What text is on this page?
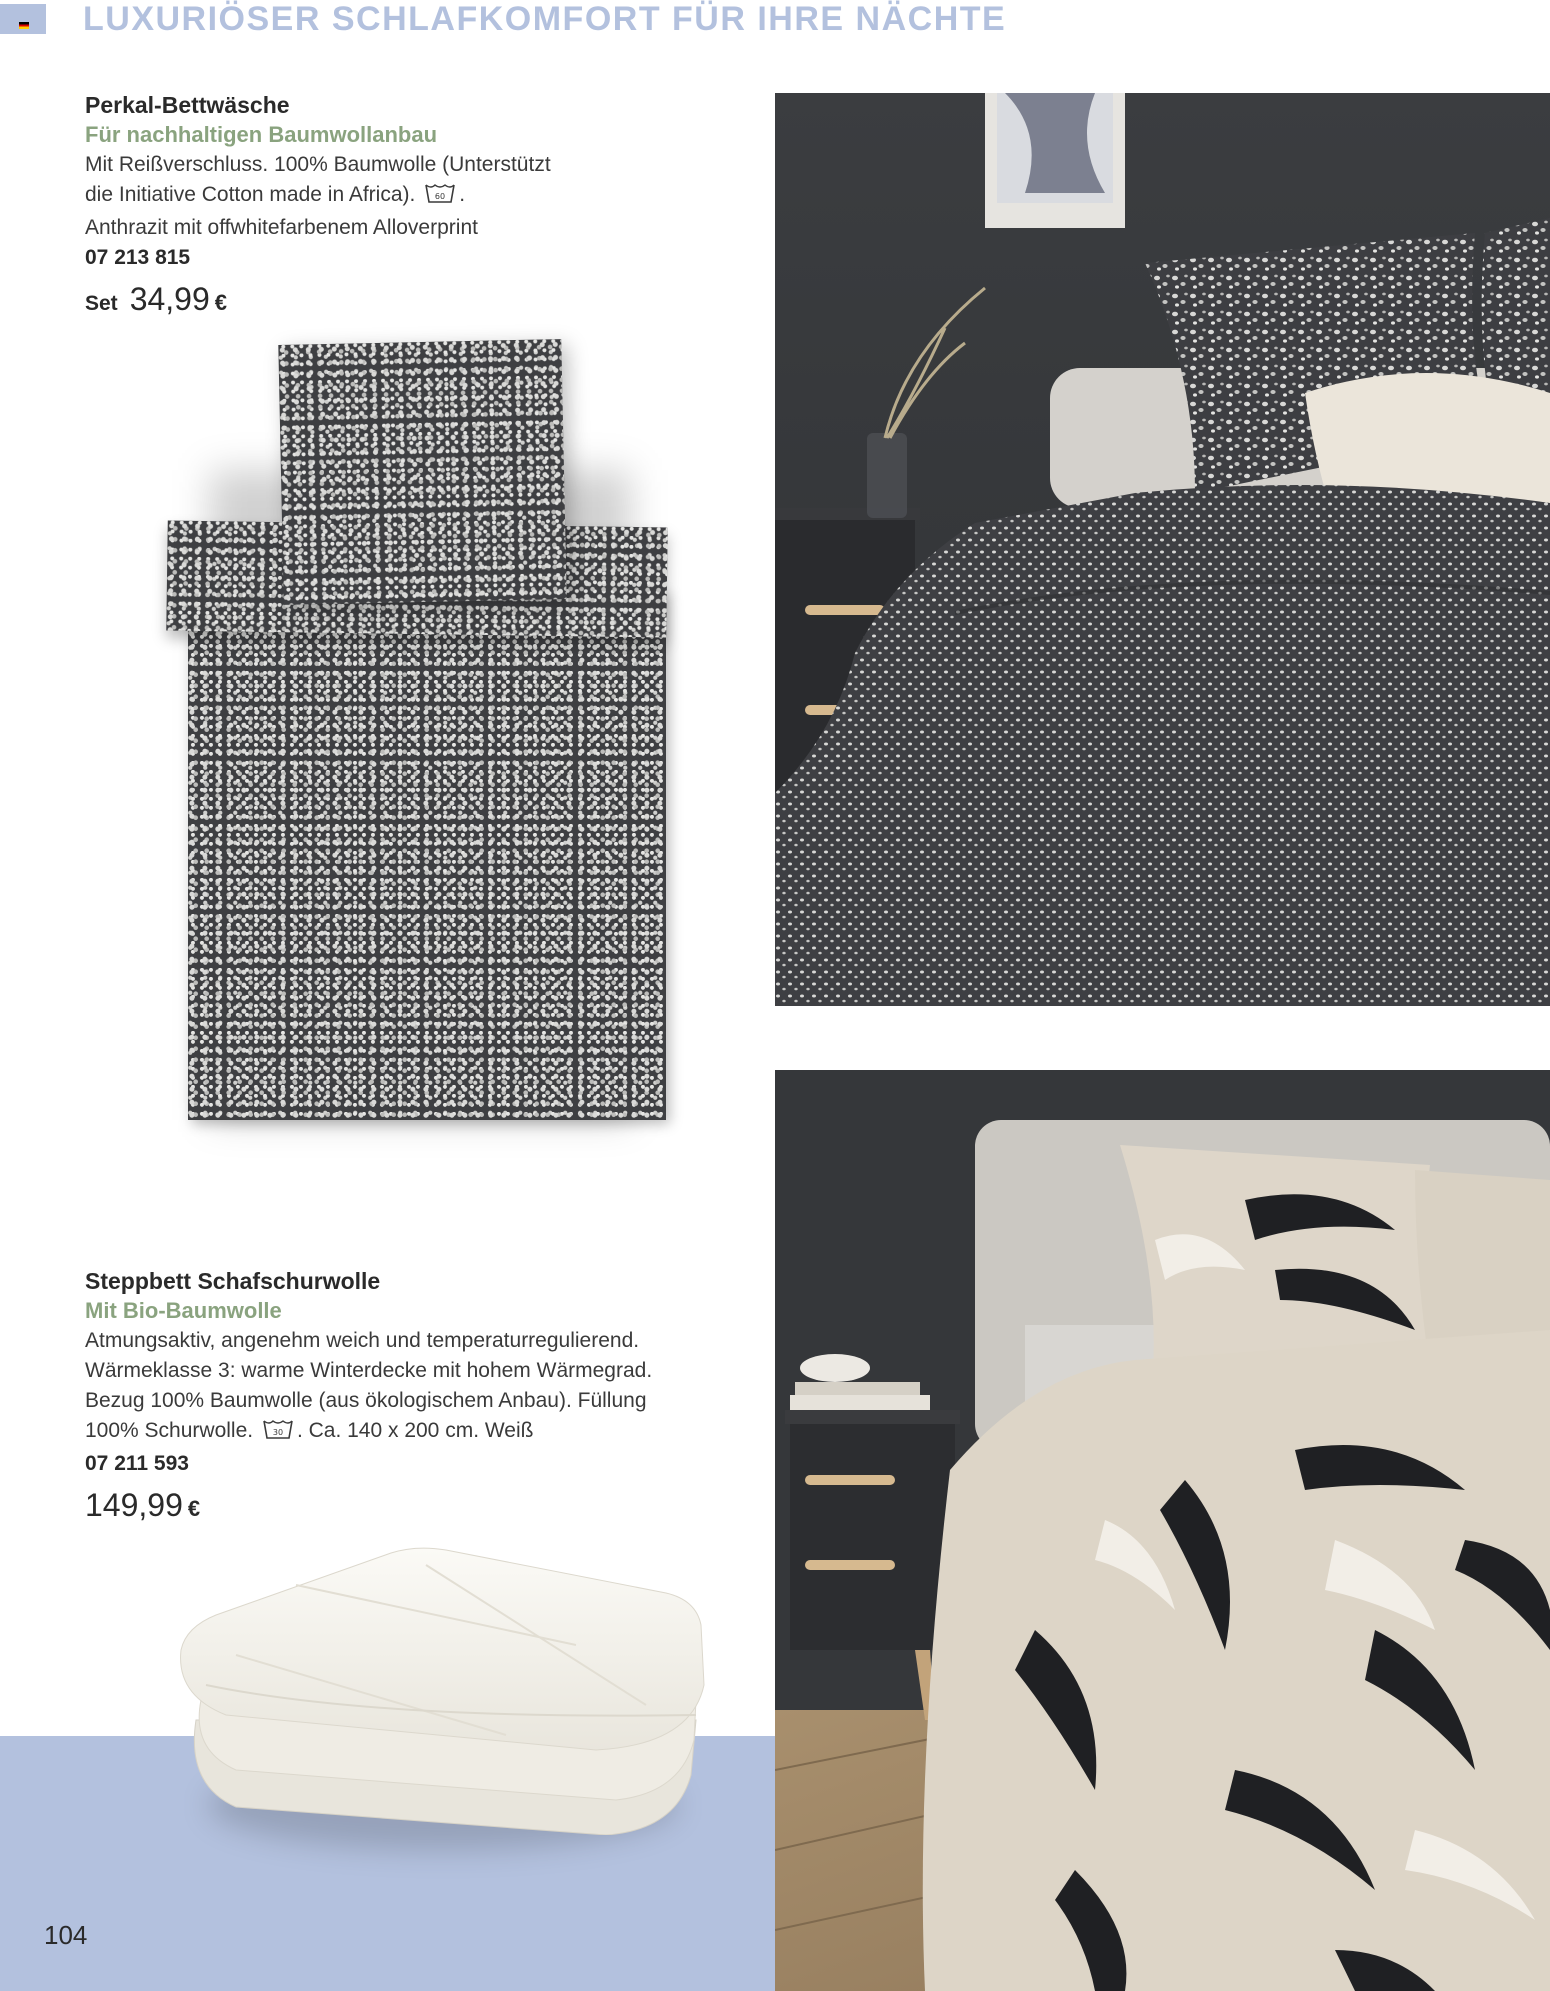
LUXURIÖSER SCHLAFKOMFORT FÜR IHRE NÄCHTE

Perkal-Bettwäsche

Für nachhaltigen Baumwollanbau

Mit Reißverschluss. 100% Baumwolle (Unterstützt

die Initiative Cotton made in Africa). 60 .

Anthrazit mit offwhitefarbenem Alloverprint

07 213 815

Set 34,99 €

Steppbett Schafschurwolle

Mit Bio-Baumwolle

Atmungsaktiv, angenehm weich und temperaturregulierend.

Wärmeklasse 3: warme Winterdecke mit hohem Wärmegrad.

Bezug 100% Baumwolle (aus ökologischem Anbau). Füllung

100% Schurwolle. 30 . Ca. 140 x 200 cm. Weiß

07 211 593

149,99 €

104
